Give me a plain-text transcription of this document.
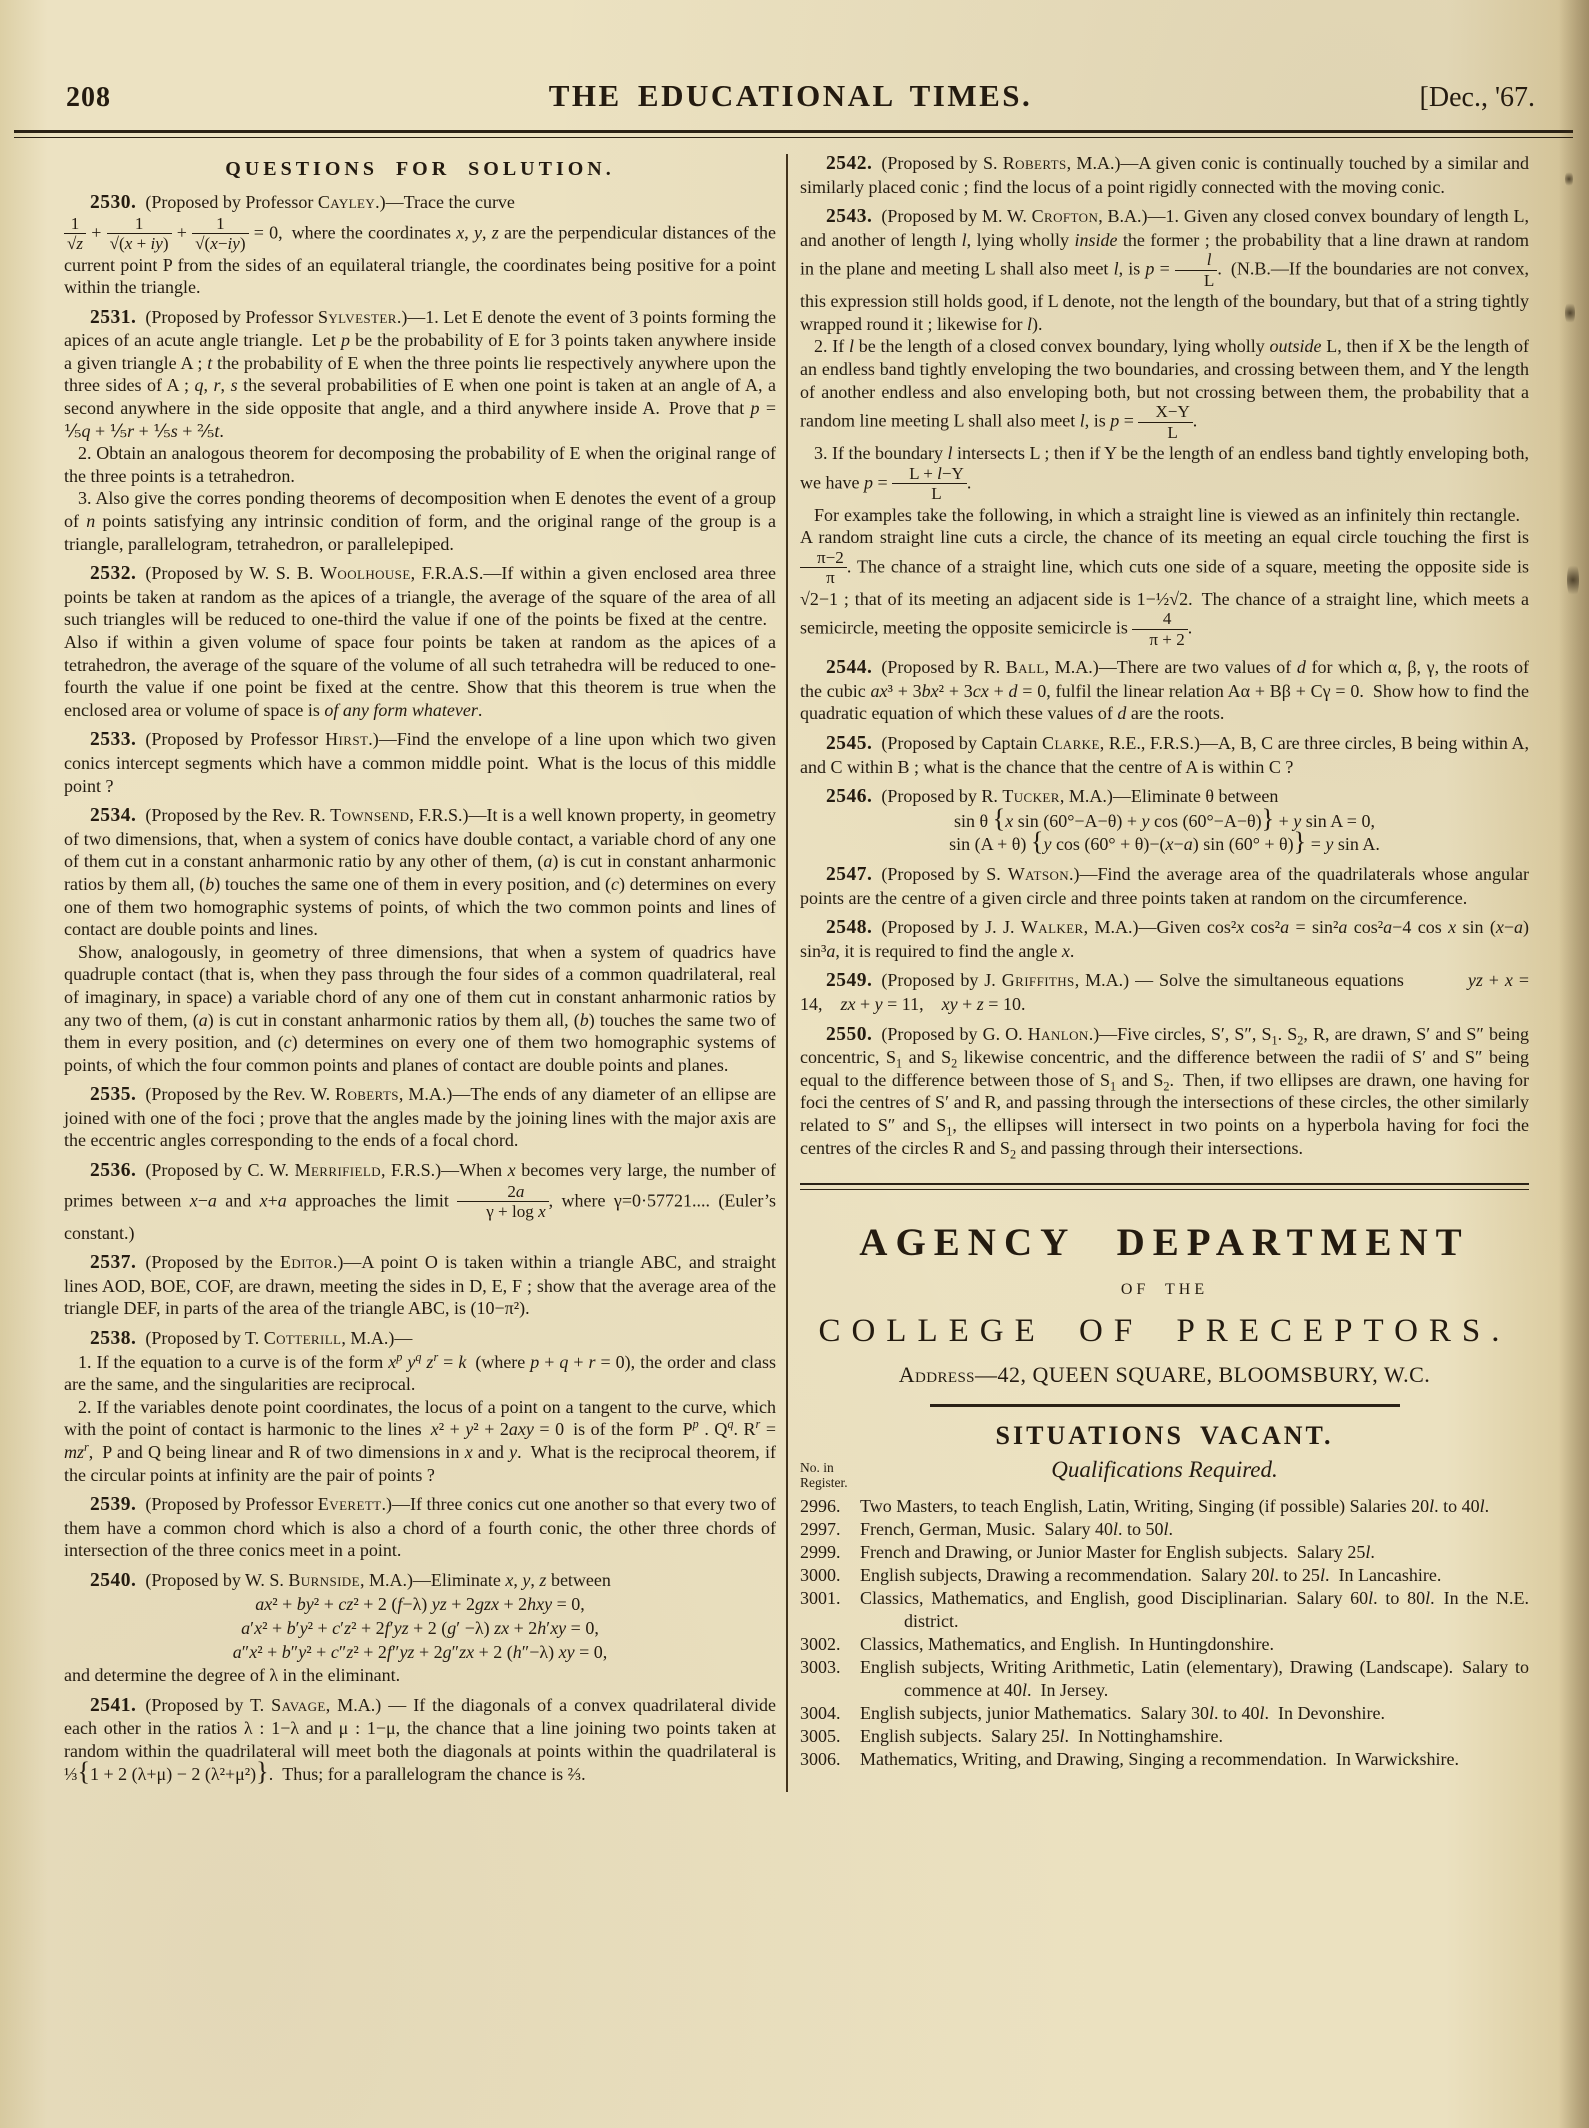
208	THE EDUCATIONAL TIMES.	[Dec., '67.
QUESTIONS FOR SOLUTION.

2530. (Proposed by Professor Cayley.)—Trace the curve

$\frac{1}{√z} + \frac{1}{√(x + iy)} + \frac{1}{√(x-iy)} = 0$, where the coordinates x, y, z are the perpendicular distances of the current point P from the sides of an equilateral triangle, the coordinates being positive for a point within the triangle.

2531. (Proposed by Professor Sylvester.)—1. Let E denote the event of 3 points forming the apices of an acute angle triangle. Let p be the probability of E for 3 points taken anywhere inside a given triangle A ; t the probability of E when the three points lie respectively anywhere upon the three sides of A ; q, r, s the several probabilities of E when one point is taken at an angle of A, a second anywhere in the side opposite that angle, and a third anywhere inside A. Prove that p = ⅕q + ⅕r + ⅕s + ⅖t.

2. Obtain an analogous theorem for decomposing the probability of E when the original range of the three points is a tetrahedron.

3. Also give the corres ponding theorems of decomposition when E denotes the event of a group of n points satisfying any intrinsic condition of form, and the original range of the group is a triangle, parallelogram, tetrahedron, or parallelepiped.

2532. (Proposed by W. S. B. Woolhouse, F.R.A.S.—If within a given enclosed area three points be taken at random as the apices of a triangle, the average of the square of the area of all such triangles will be reduced to one-third the value if one of the points be fixed at the centre. Also if within a given volume of space four points be taken at random as the apices of a tetrahedron, the average of the square of the volume of all such tetrahedra will be reduced to one-fourth the value if one point be fixed at the centre. Show that this theorem is true when the enclosed area or volume of space is of any form whatever.

2533. (Proposed by Professor Hirst.)—Find the envelope of a line upon which two given conics intercept segments which have a common middle point. What is the locus of this middle point ?

2534. (Proposed by the Rev. R. Townsend, F.R.S.)—It is a well known property, in geometry of two dimensions, that, when a system of conics have double contact, a variable chord of any one of them cut in a constant anharmonic ratio by any other of them, (a) is cut in constant anharmonic ratios by them all, (b) touches the same one of them in every position, and (c) determines on every one of them two homographic systems of points, of which the two common points and lines of contact are double points and lines.

Show, analogously, in geometry of three dimensions, that when a system of quadrics have quadruple contact (that is, when they pass through the four sides of a common quadrilateral, real of imaginary, in space) a variable chord of any one of them cut in constant anharmonic ratios by any two of them, (a) is cut in constant anharmonic ratios by them all, (b) touches the same two of them in every position, and (c) determines on every one of them two homographic systems of points, of which the four common points and planes of contact are double points and planes.

2535. (Proposed by the Rev. W. Roberts, M.A.)—The ends of any diameter of an ellipse are joined with one of the foci ; prove that the angles made by the joining lines with the major axis are the eccentric angles corresponding to the ends of a focal chord.

2536. (Proposed by C. W. Merrifield, F.R.S.)—When x becomes very large, the number of primes between x−a and x+a approaches the limit $\frac{2a}{\text{γ + log x}}$ , where γ=0·57721.... (Euler’s constant.)

2537. (Proposed by the Editor.)—A point O is taken within a triangle ABC, and straight lines AOD, BOE, COF, are drawn, meeting the sides in D, E, F ; show that the average area of the triangle DEF, in parts of the area of the triangle ABC, is (10−π²).

2538. (Proposed by T. Cotterill, M.A.)—

1. If the equation to a curve is of the form $x^p$ $y^q$ $z^r = k$ (where p + q + r = 0), the order and class are the same, and the singularities are reciprocal.

2. If the variables denote point coordinates, the locus of a point on a tangent to the curve, which with the point of contact is harmonic to the lines x² + y² + 2axy = 0 is of the form $P^p$ . $Q^q$. $R^r = mz^r$, P and Q being linear and R of two dimensions in x and y. What is the reciprocal theorem, if the circular points at infinity are the pair of points ?

2539. (Proposed by Professor Everett.)—If three conics cut one another so that every two of them have a common chord which is also a chord of a fourth conic, the other three chords of intersection of the three conics meet in a point.

2540. (Proposed by W. S. Burnside, M.A.)—Eliminate x, y, z between

ax² + by² + cz² + 2 (f−λ) yz + 2gzx + 2hxy = 0,

a′x² + b′y² + c′z² + 2f′yz + 2 (g′ −λ) zx + 2h′xy = 0,

a″x² + b″y² + c″z² + 2f″yz + 2g″zx + 2 (h″−λ) xy = 0,

and determine the degree of λ in the eliminant.

2541. (Proposed by T. Savage, M.A.) — If the diagonals of a convex quadrilateral divide each other in the ratios λ : 1−λ and μ : 1−μ, the chance that a line joining two points taken at random within the quadrilateral will meet both the diagonals at points within the quadrilateral is ⅓{1 + 2 (λ+μ) − 2 (λ²+μ²)}. Thus; for a parallelogram the chance is ⅔.

2542. (Proposed by S. Roberts, M.A.)—A given conic is continually touched by a similar and similarly placed conic ; find the locus of a point rigidly connected with the moving conic.

2543. (Proposed by M. W. Crofton, B.A.)—1. Given any closed convex boundary of length L, and another of length l, lying wholly inside the former ; the probability that a line drawn at random in the plane and meeting L shall also meet l, is $p = \frac{l}{L}$ . (N.B.—If the boundaries are not convex, this expression still holds good, if L denote, not the length of the boundary, but that of a string tightly wrapped round it ; likewise for l).

2. If l be the length of a closed convex boundary, lying wholly outside L, then if X be the length of an endless band tightly enveloping the two boundaries, and crossing between them, and Y the length of another endless and also enveloping both, but not crossing between them, the probability that a random line meeting L shall also meet l, is $p = \frac{X-Y}{L}$ .

3. If the boundary l intersects L ; then if Y be the length of an endless band tightly enveloping both, we have $p = \frac{L + l-Y}{L}$ .

For examples take the following, in which a straight line is viewed as an infinitely thin rectangle. A random straight line cuts a circle, the chance of its meeting an equal circle touching the first is
$\frac{\pi-2}{\pi}$ . The chance of a straight line, which cuts one side of a square, meeting the opposite side is √2−1 ; that of its meeting an adjacent side is 1−½√2. The chance of a straight line, which meets a semicircle, meeting the opposite semicircle is $\frac{4}{\pi + 2}$ .

2544. (Proposed by R. Ball, M.A.)—There are two values of d for which α, β, γ, the roots of the cubic ax³ + 3bx² + 3cx + d = 0, fulfil the linear relation Aα + Bβ + Cγ = 0. Show how to find the quadratic equation of which these values of d are the roots.

2545. (Proposed by Captain Clarke, R.E., F.R.S.)—A, B, C are three circles, B being within A, and C within B ; what is the chance that the centre of A is within C ?

2546. (Proposed by R. Tucker, M.A.)—Eliminate θ between

sin θ {x sin (60°−A−θ) + y cos (60°−A−θ)} + y sin A = 0,

sin (A + θ) {y cos (60° + θ)−(x−a) sin (60° + θ)} = y sin A.

2547. (Proposed by S. Watson.)—Find the average area of the quadrilaterals whose angular points are the centre of a given circle and three points taken at random on the circumference.

2548. (Proposed by J. J. Walker, M.A.)—Given cos²x cos²a = sin²a cos²a−4 cos x sin (x−a) sin³a, it is required to find the angle x.

2549. (Proposed by J. Griffiths, M.A.) — Solve the simultaneous equations	yz + x = 14, zx + y = 11, xy + z = 10.

2550. (Proposed by G. O. Hanlon.)—Five circles, S′, S″, $S_1$. $S_2$, R, are drawn, S′ and S″ being concentric, $S_1$ and $S_2$ likewise concentric, and the difference between the radii of S′ and S″ being equal to the difference between those of $S_1$ and $S_2$. Then, if two ellipses are drawn, one having for foci the centres of S′ and R, and passing through the intersections of these circles, the other similarly related to S″ and $S_1$, the ellipses will intersect in two points on a hyperbola having for foci the centres of the circles R and $S_2$ and passing through their intersections.

AGENCY DEPARTMENT
OF THE
COLLEGE OF PRECEPTORS.
Address—42, QUEEN SQUARE, BLOOMSBURY, W.C.
SITUATIONS VACANT.
No. in
Register.	Qualifications Required.
2996. Two Masters, to teach English, Latin, Writing, Singing (if possible) Salaries 20l. to 40l.
2997. French, German, Music. Salary 40l. to 50l.
2999. French and Drawing, or Junior Master for English subjects. Salary 25l.
3000. English subjects, Drawing a recommendation. Salary 20l. to 25l. In Lancashire.
3001. Classics, Mathematics, and English, good Disciplinarian. Salary 60l. to 80l. In the N.E. district.
3002. Classics, Mathematics, and English. In Huntingdonshire.
3003. English subjects, Writing Arithmetic, Latin (elementary), Drawing (Landscape). Salary to commence at 40l. In Jersey.
3004. English subjects, junior Mathematics. Salary 30l. to 40l. In Devonshire.
3005. English subjects. Salary 25l. In Nottinghamshire.
3006. Mathematics, Writing, and Drawing, Singing a recommendation. In Warwickshire.
